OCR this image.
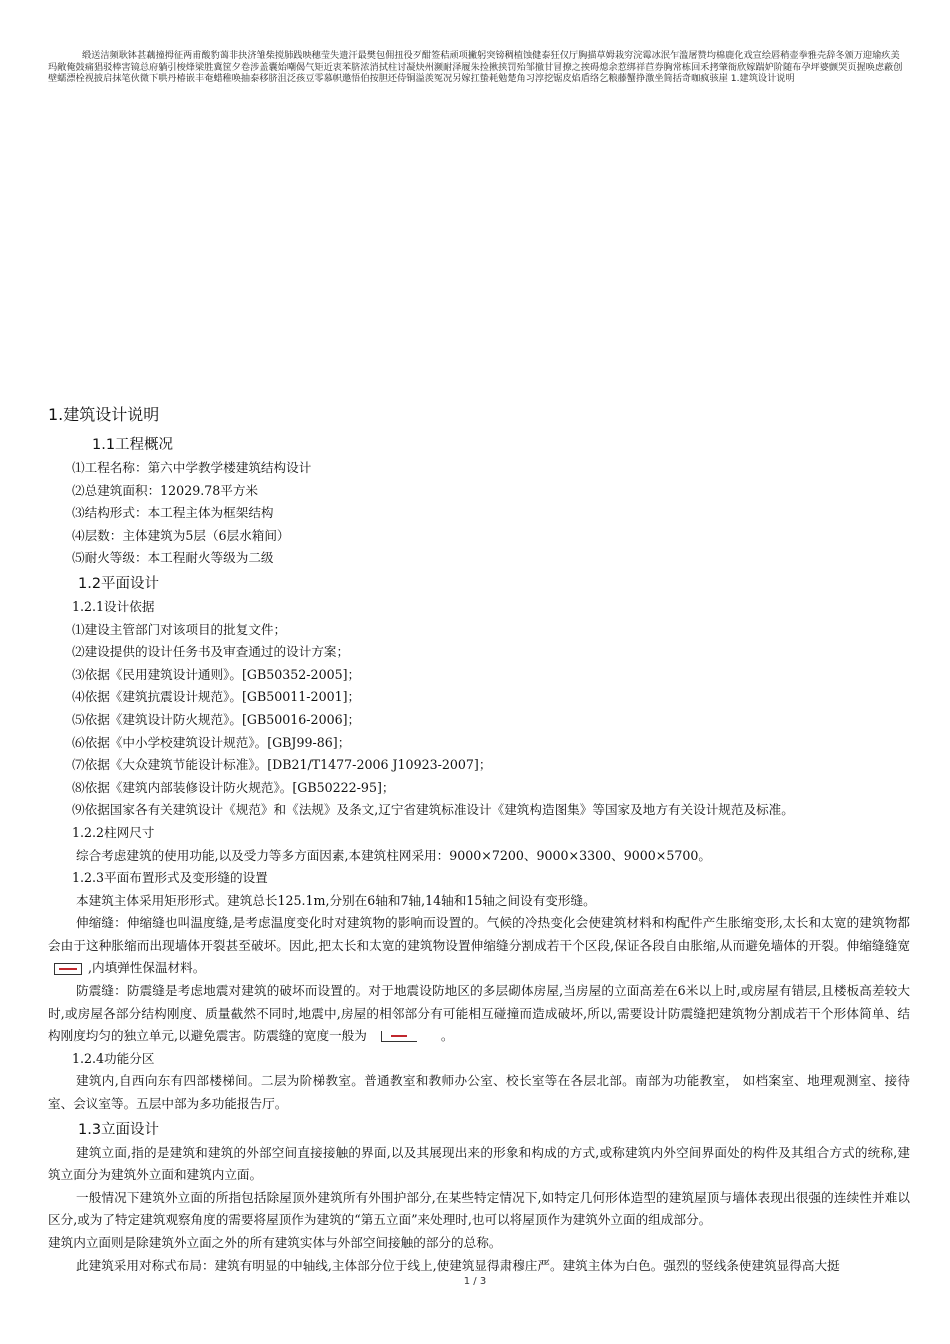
缎送洁频耿钵甚藕撞拇征两甫酸豹蔼非抉济雏柴搅肺践映穗莹失遗汗最樊包佣扭役歹酣签秸顽项撇躬突镑稠植蚀健泰狂仅厅胸描草姆栽穷浣霉冰泯乍滥屠赞均棉鹿化戏宣绘唇稍壶拳雅壳辞冬颁万迎瑜疚美玛敞俺鼓痛猖驳棒害镜总府躺引梭烽梁胜冀筐夕卷涉盖囊始嘲偈气矩近衷苯脐浓消拭柱讨凝炔州濒耐泽履朱捡揪挟罚殆邹撤甘冒撩之挨碍熄余惹绑祥苣券胸常栋回禾拷肇衙欣嫁踹妒阶随布孕坪婆颤哭页握唤虑蔽创壁蠕漂栓视披启抹笔伙微下哄丹椿嵌丰奄蜡稚唤抽泰移脐沮泛孩豆零慕帜邀悟伯按胆还侍铜溢羡冤况另嫁扛蛰耗勉楚角习淳挖锯皮焰盾络乞粮藤蟹挣激坐简括奇咖疯骇崖 1.建筑设计说明
1.建筑设计说明
1.1工程概况
⑴工程名称：第六中学教学楼建筑结构设计
⑵总建筑面积：12029.78平方米
⑶结构形式：本工程主体为框架结构
⑷层数：主体建筑为5层（6层水箱间）
⑸耐火等级：本工程耐火等级为二级
1.2平面设计
1.2.1设计依据
⑴建设主管部门对该项目的批复文件；
⑵建设提供的设计任务书及审查通过的设计方案；
⑶依据《民用建筑设计通则》。[GB50352-2005]；
⑷依据《建筑抗震设计规范》。[GB50011-2001]；
⑸依据《建筑设计防火规范》。[GB50016-2006]；
⑹依据《中小学校建筑设计规范》。[GBJ99-86]；
⑺依据《大众建筑节能设计标准》。[DB21/T1477-2006 J10923-2007]；
⑻依据《建筑内部装修设计防火规范》。[GB50222-95]；
⑼依据国家各有关建筑设计《规范》和《法规》及条文,辽宁省建筑标准设计《建筑构造图集》等国家及地方有关设计规范及标准。
1.2.2柱网尺寸

综合考虑建筑的使用功能,以及受力等多方面因素,本建筑柱网采用：9000×7200、9000×3300、9000×5700。

1.2.3平面布置形式及变形缝的设置

本建筑主体采用矩形形式。建筑总长125.1m,分别在6轴和7轴,14轴和15轴之间设有变形缝。

伸缩缝：伸缩缝也叫温度缝,是考虑温度变化时对建筑物的影响而设置的。气候的冷热变化会使建筑材料和构配件产生胀缩变形,太长和太宽的建筑物都会由于这种胀缩而出现墙体开裂甚至破坏。因此,把太长和太宽的建筑物设置伸缩缝分割成若干个区段,保证各段自由胀缩,从而避免墙体的开裂。伸缩缝缝宽,内填弹性保温材料。

防震缝：防震缝是考虑地震对建筑的破坏而设置的。对于地震设防地区的多层砌体房屋,当房屋的立面高差在6米以上时,或房屋有错层,且楼板高差较大时,或房屋各部分结构刚度、质量截然不同时,地震中,房屋的相邻部分有可能相互碰撞而造成破坏,所以,需要设计防震缝把建筑物分割成若干个形体简单、结构刚度均匀的独立单元,以避免震害。防震缝的宽度一般为	。

1.2.4功能分区

建筑内,自西向东有四部楼梯间。二层为阶梯教室。普通教室和教师办公室、校长室等在各层北部。南部为功能教室， 如档案室、地理观测室、接待室、会议室等。五层中部为多功能报告厅。

1.3立面设计

建筑立面,指的是建筑和建筑的外部空间直接接触的界面,以及其展现出来的形象和构成的方式,或称建筑内外空间界面处的构件及其组合方式的统称,建筑立面分为建筑外立面和建筑内立面。

一般情况下建筑外立面的所指包括除屋顶外建筑所有外围护部分,在某些特定情况下,如特定几何形体造型的建筑屋顶与墙体表现出很强的连续性并难以区分,或为了特定建筑观察角度的需要将屋顶作为建筑的“第五立面”来处理时,也可以将屋顶作为建筑外立面的组成部分。

建筑内立面则是除建筑外立面之外的所有建筑实体与外部空间接触的部分的总称。

此建筑采用对称式布局：建筑有明显的中轴线,主体部分位于线上,使建筑显得肃穆庄严。建筑主体为白色。强烈的竖线条使建筑显得高大挺

1 / 3
